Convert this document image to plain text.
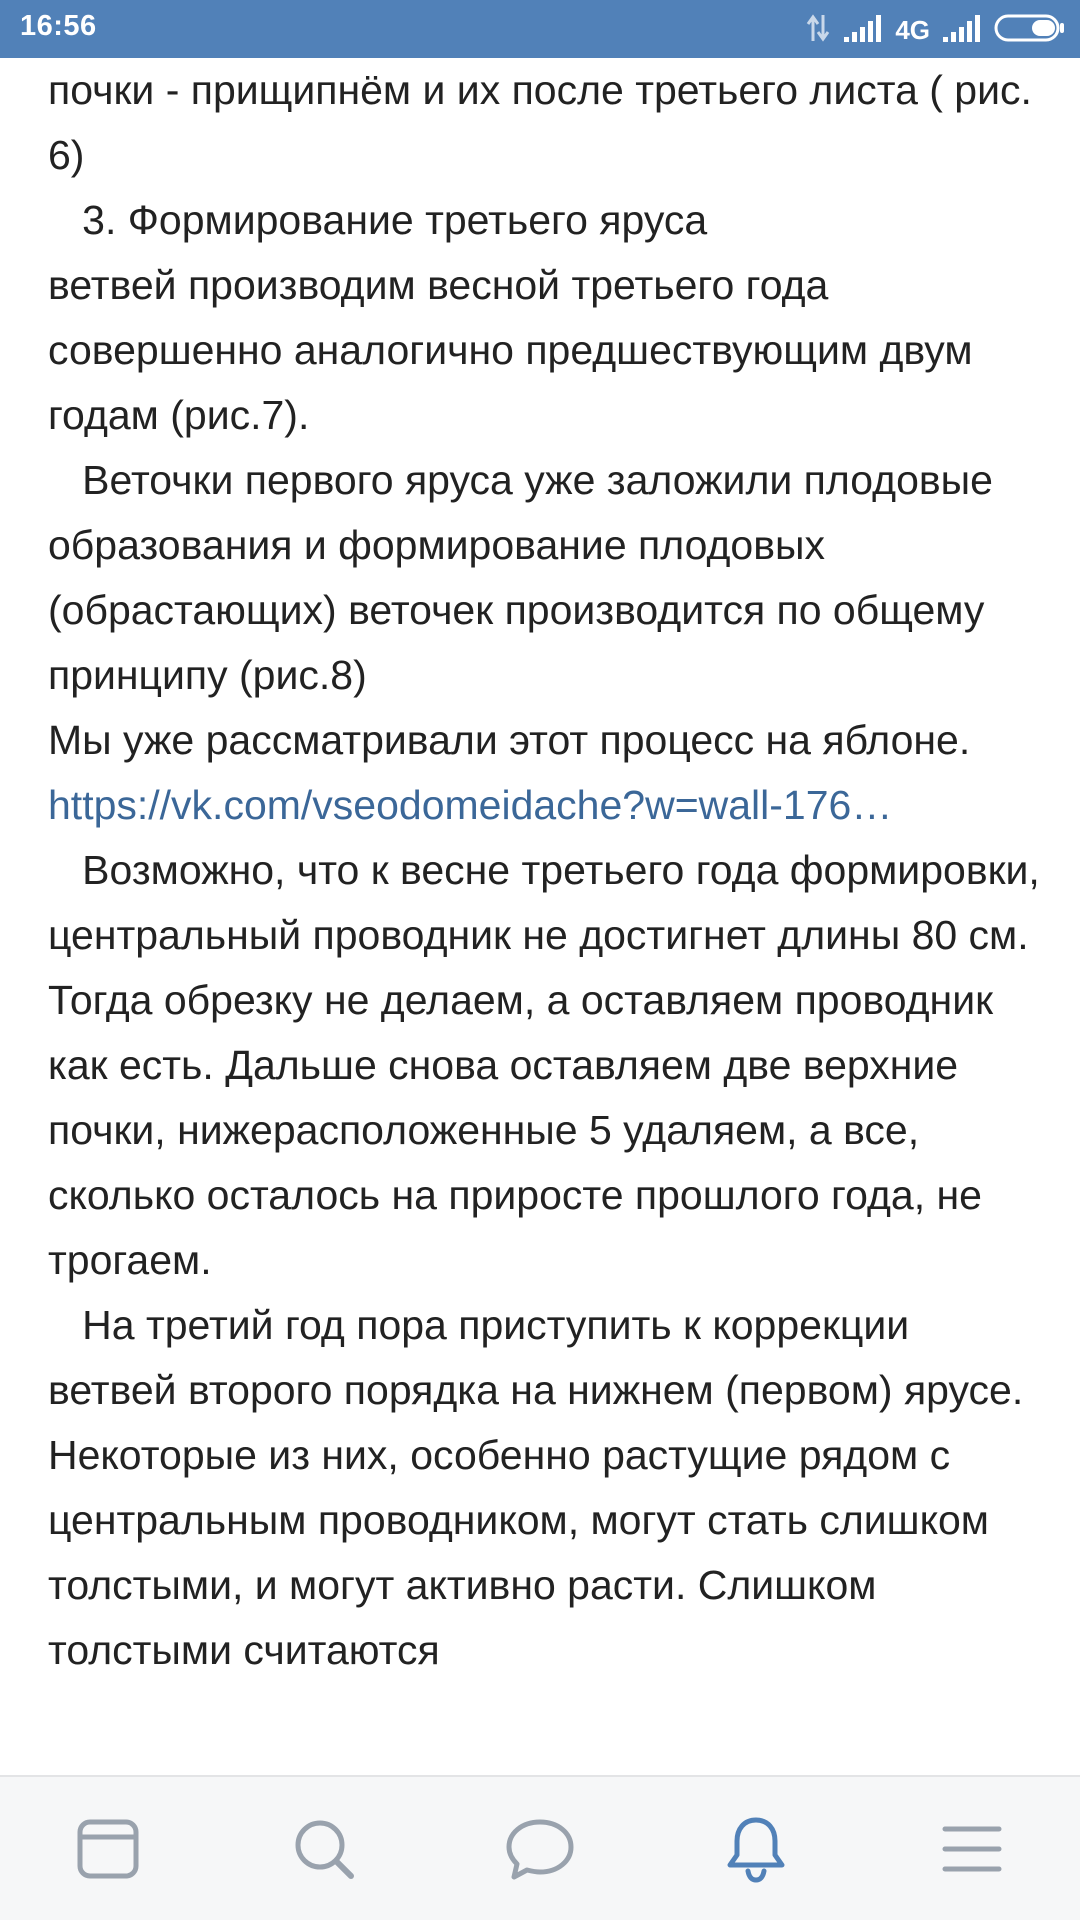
16:56	4G

почки - прищипнём и их после третьего листа ( рис. 6)

3. Формирование третьего яруса
ветвей производим весной третьего года совершенно аналогично предшествующим двум годам (рис.7).

Веточки первого яруса уже заложили плодовые образования и формирование плодовых (обрастающих) веточек производится по общему принципу (рис.8)
Мы уже рассматривали этот процесс на яблоне. https://vk.com/vseodomeidache?w=wall-176…

Возможно, что к весне третьего года формировки, центральный проводник не достигнет длины 80 см. Тогда обрезку не делаем, а оставляем проводник как есть. Дальше снова оставляем две верхние почки, нижерасположенные 5 удаляем, а все, сколько осталось на приросте прошлого года, не трогаем.

На третий год пора приступить к коррекции ветвей второго порядка на нижнем (первом) ярусе. Некоторые из них, особенно растущие рядом с центральным проводником, могут стать слишком толстыми, и могут активно расти. Слишком толстыми считаются
